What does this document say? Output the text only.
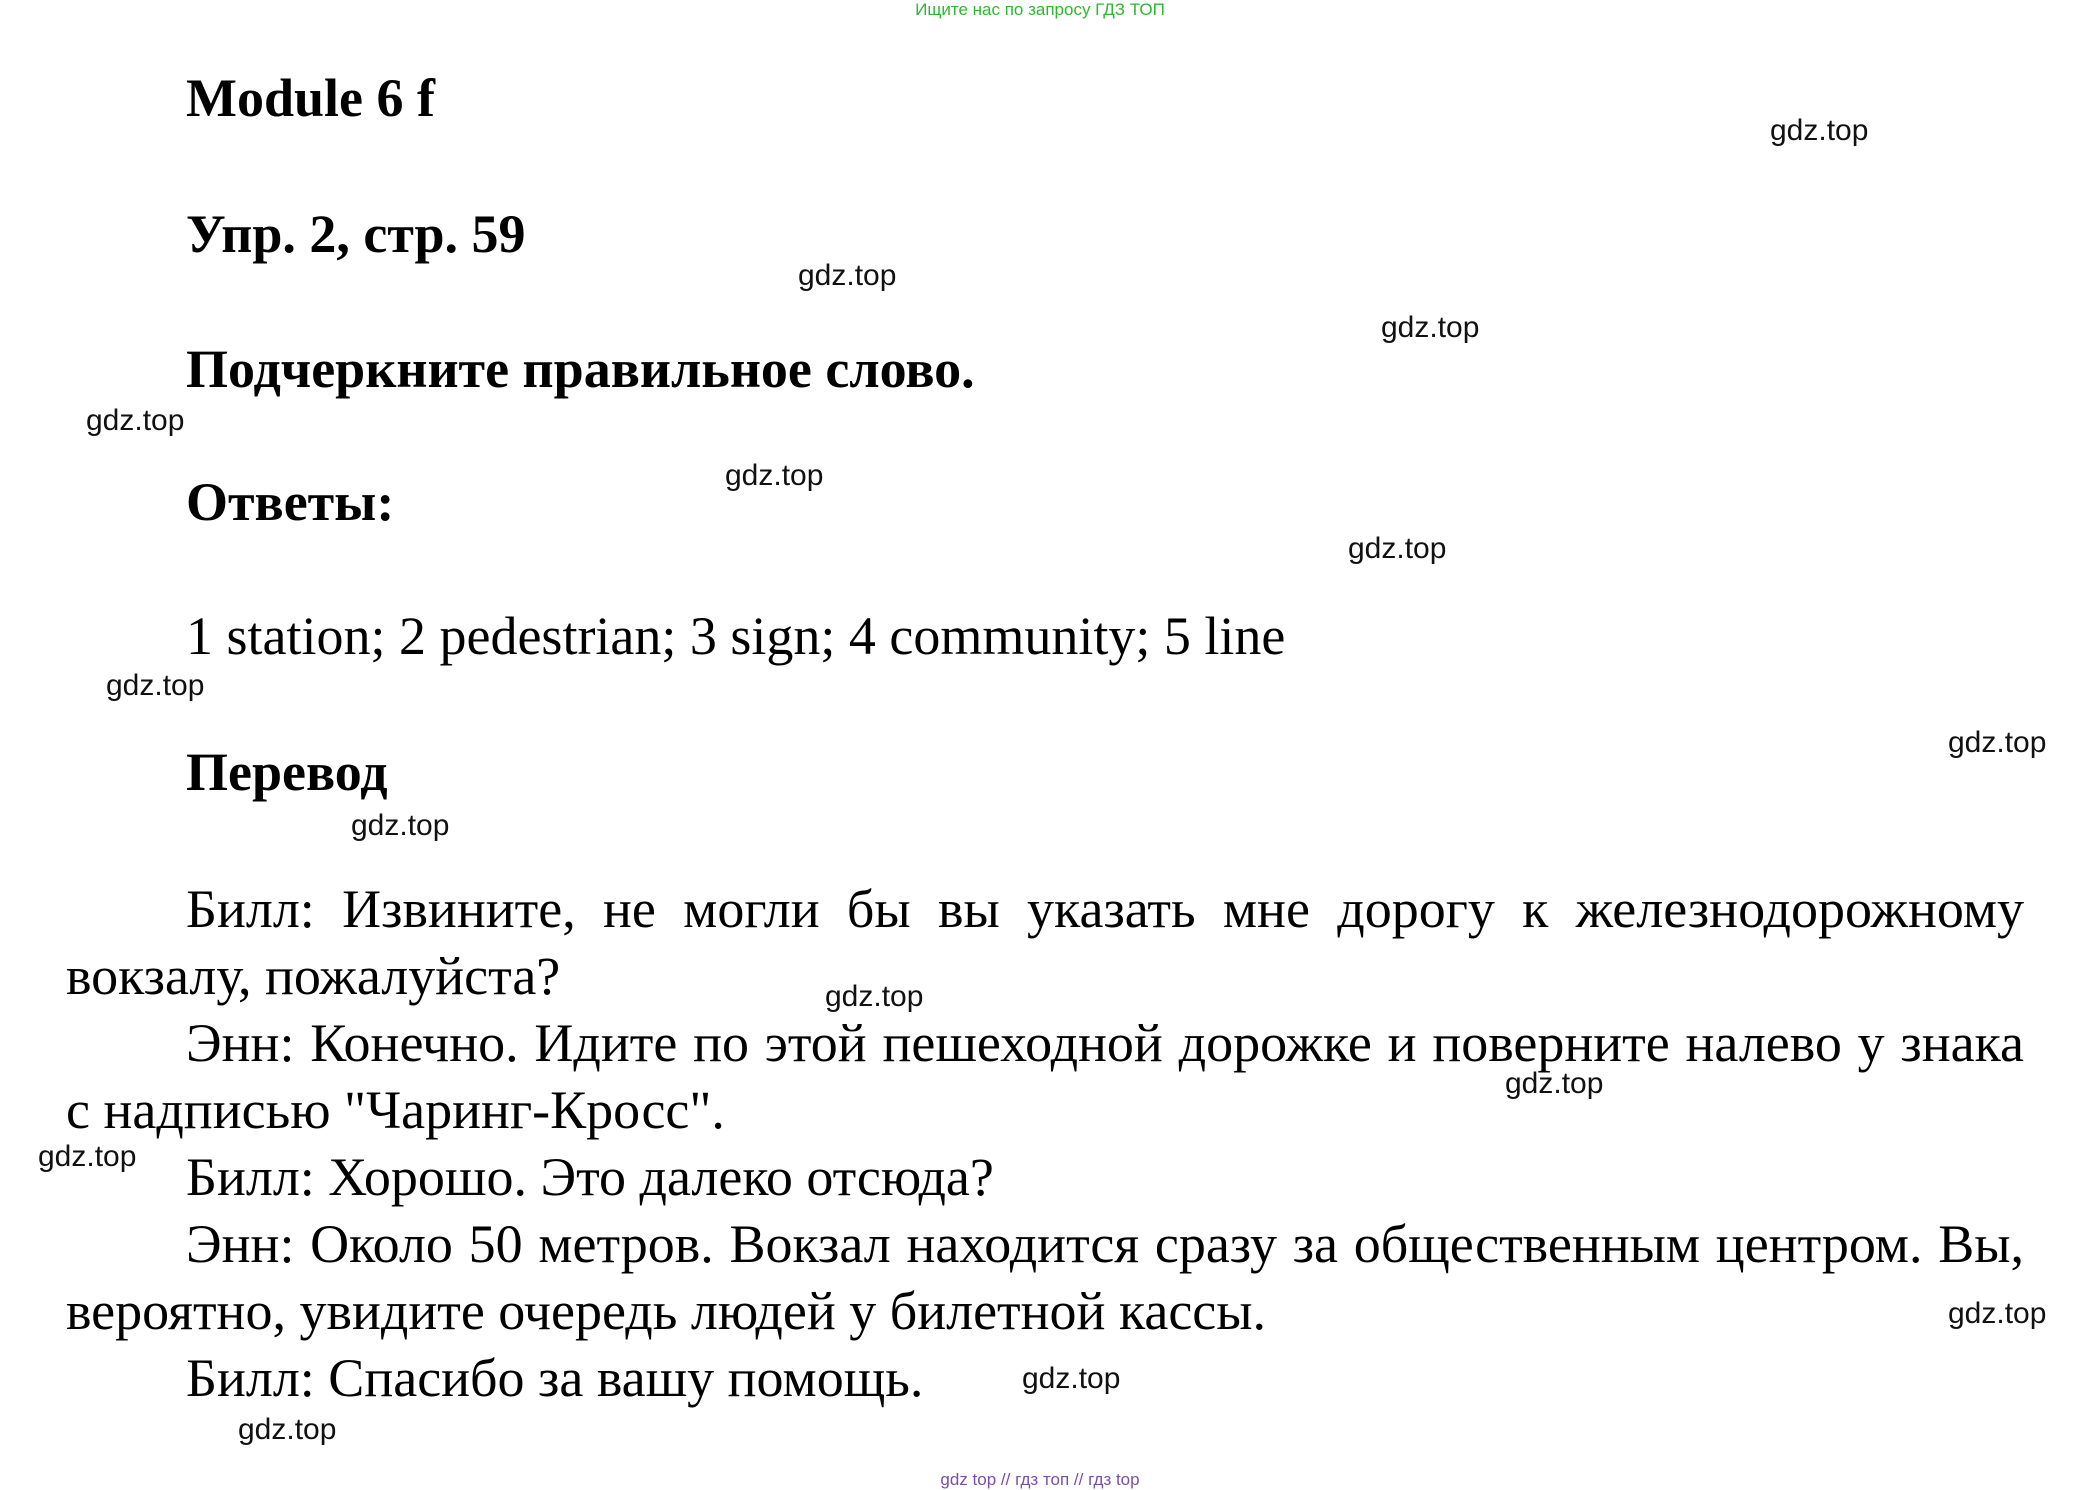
Ищите нас по запросу ГДЗ ТОП
Module 6 f
Упр. 2, стр. 59
Подчеркните правильное слово.
Ответы:
1 station; 2 pedestrian; 3 sign; 4 community; 5 line
Перевод

Билл: Извините, не могли бы вы указать мне дорогу к железнодорожному вокзалу, пожалуйста?

Энн: Конечно. Идите по этой пешеходной дорожке и поверните налево у знака с надписью "Чаринг-Кросс".

Билл: Хорошо. Это далеко отсюда?

Энн: Около 50 метров. Вокзал находится сразу за общественным центром. Вы, вероятно, увидите очередь людей у билетной кассы.

Билл: Спасибо за вашу помощь.

gdz.top
gdz.top
gdz.top
gdz.top
gdz.top
gdz.top
gdz.top
gdz.top
gdz.top
gdz.top
gdz.top
gdz.top
gdz.top
gdz.top
gdz.top
gdz top // гдз топ // гдз top
